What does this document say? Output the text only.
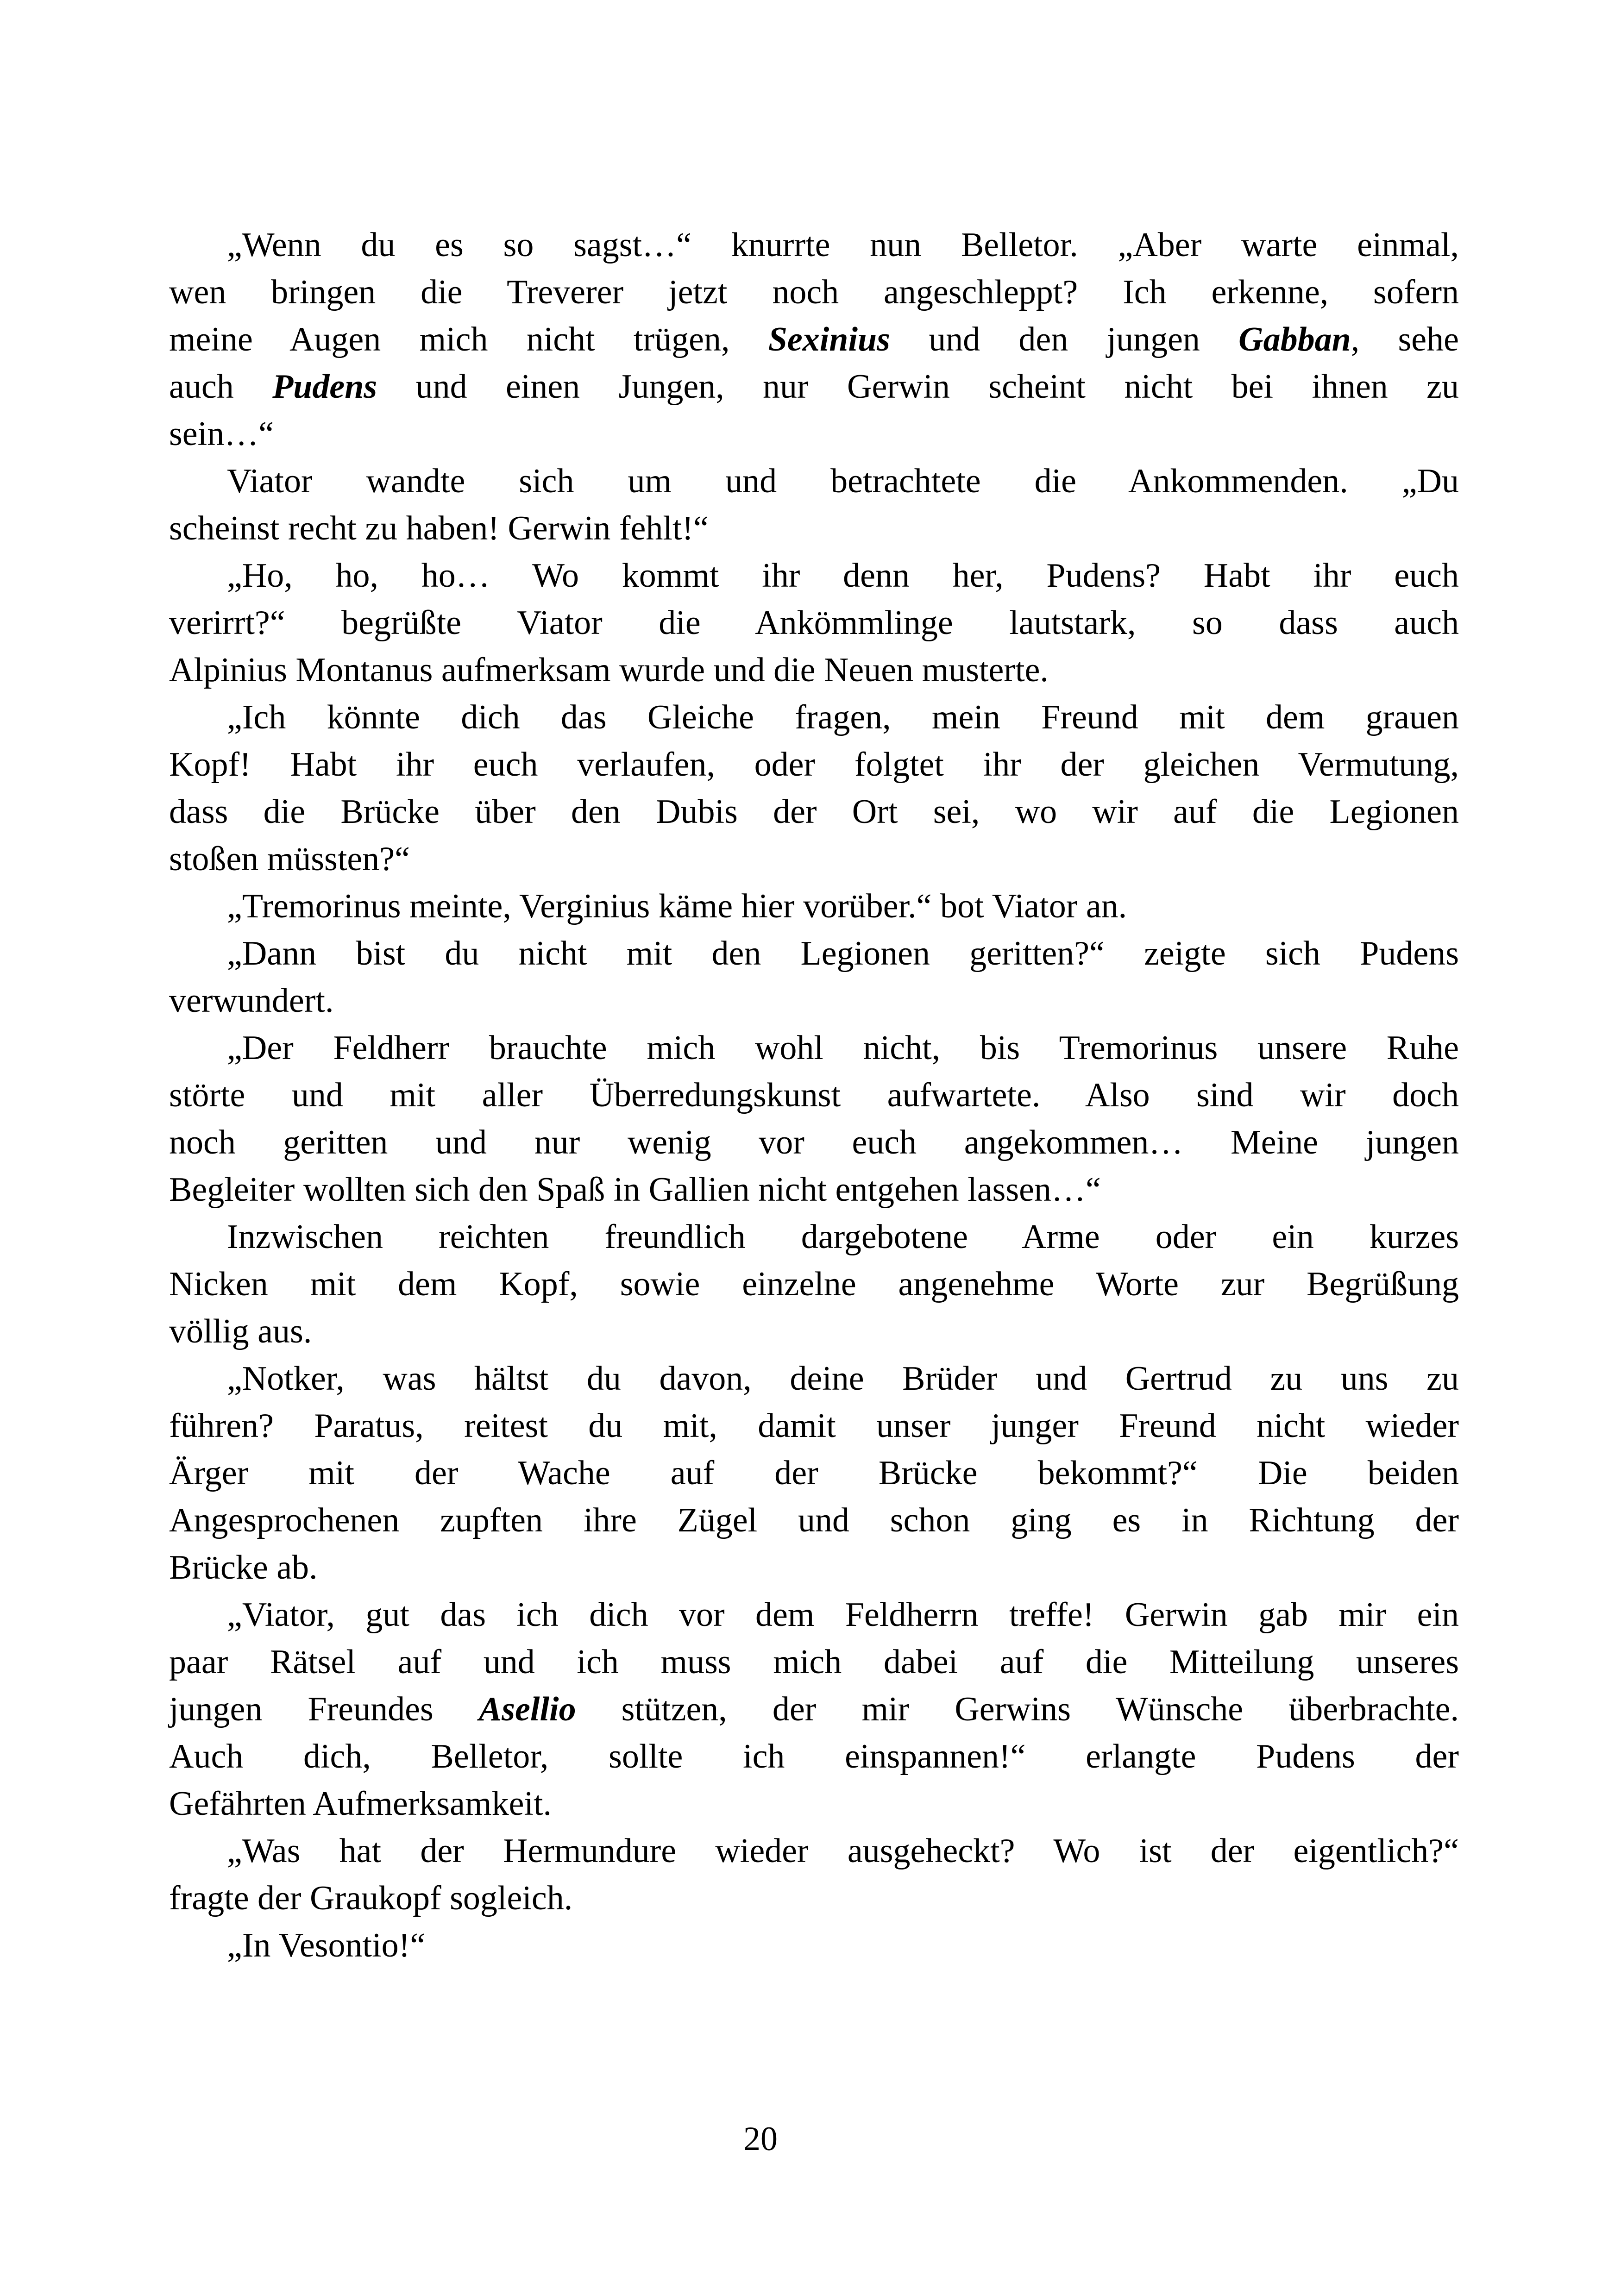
„Wenn du es so sagst…“ knurrte nun Belletor. „Aber warte einmal,
wen bringen die Treverer jetzt noch angeschleppt? Ich erkenne, sofern
meine Augen mich nicht trügen, Sexinius und den jungen Gabban, sehe
auch Pudens und einen Jungen, nur Gerwin scheint nicht bei ihnen zu
sein…“
Viator wandte sich um und betrachtete die Ankommenden. „Du
scheinst recht zu haben! Gerwin fehlt!“
„Ho, ho, ho… Wo kommt ihr denn her, Pudens? Habt ihr euch
verirrt?“ begrüßte Viator die Ankömmlinge lautstark, so dass auch
Alpinius Montanus aufmerksam wurde und die Neuen musterte.
„Ich könnte dich das Gleiche fragen, mein Freund mit dem grauen
Kopf! Habt ihr euch verlaufen, oder folgtet ihr der gleichen Vermutung,
dass die Brücke über den Dubis der Ort sei, wo wir auf die Legionen
stoßen müssten?“
„Tremorinus meinte, Verginius käme hier vorüber.“ bot Viator an.
„Dann bist du nicht mit den Legionen geritten?“ zeigte sich Pudens
verwundert.
„Der Feldherr brauchte mich wohl nicht, bis Tremorinus unsere Ruhe
störte und mit aller Überredungskunst aufwartete. Also sind wir doch
noch geritten und nur wenig vor euch angekommen… Meine jungen
Begleiter wollten sich den Spaß in Gallien nicht entgehen lassen…“
Inzwischen reichten freundlich dargebotene Arme oder ein kurzes
Nicken mit dem Kopf, sowie einzelne angenehme Worte zur Begrüßung
völlig aus.
„Notker, was hältst du davon, deine Brüder und Gertrud zu uns zu
führen? Paratus, reitest du mit, damit unser junger Freund nicht wieder
Ärger mit der Wache auf der Brücke bekommt?“ Die beiden
Angesprochenen zupften ihre Zügel und schon ging es in Richtung der
Brücke ab.
„Viator, gut das ich dich vor dem Feldherrn treffe! Gerwin gab mir ein
paar Rätsel auf und ich muss mich dabei auf die Mitteilung unseres
jungen Freundes Asellio stützen, der mir Gerwins Wünsche überbrachte.
Auch dich, Belletor, sollte ich einspannen!“ erlangte Pudens der
Gefährten Aufmerksamkeit.
„Was hat der Hermundure wieder ausgeheckt? Wo ist der eigentlich?“
fragte der Graukopf sogleich.
„In Vesontio!“
20
